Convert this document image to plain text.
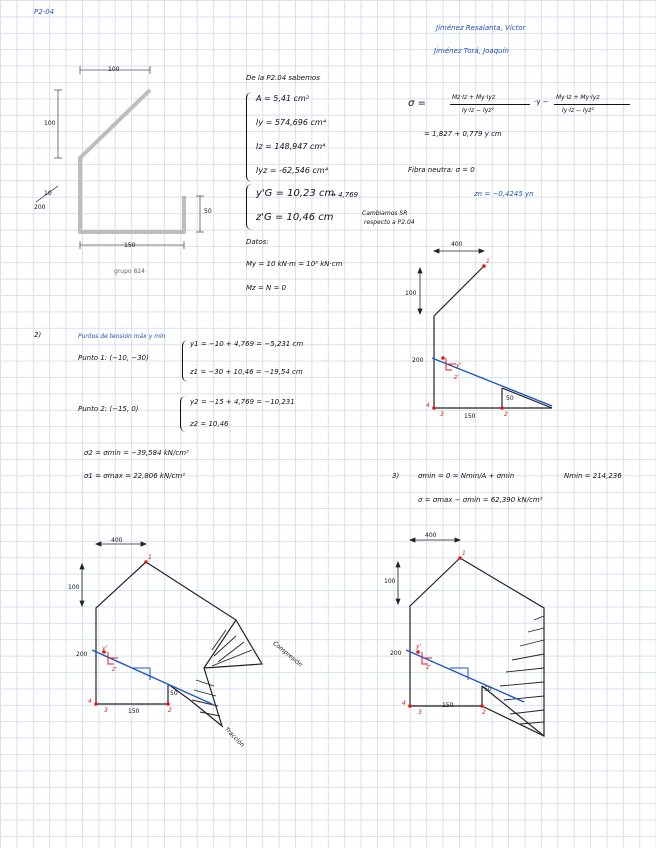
P2-04
Jiménez Resalanta, Víctor
Jiménez Torá, Joaquín
100
100
10
200
50
150
grupo 824
De la P2.04 sabemos
A = 5,41 cm²
Iy = 574,696 cm⁴
Iz = 148,947 cm⁴
Iyz = -62,546 cm⁴
y'G = 10,23 cm
→ 4,769
z'G = 10,46 cm	Cambiamos SR
respecto a P2.04
Datos:
My = 10 kN·m = 10³ kN·cm
Mz = N = 0
σ =
Mz·Iz + My·Iyz
Iy·Iz − Iyz²
·y −
My·Iz + My·Iyz
Iy·Iz − Iyz²
= 1,827 + 0,779 y cm
Fibra neutra: σ = 0
zn = −0,4245 yn
400
100
200
50
150
1
4
3	2
y'
z'
2)	Puntos de tensión máx y mín
Punto 1: (−10, −30)
y1 = −10 + 4,769 = −5,231 cm
z1 = −30 + 10,46 = −19,54 cm
Punto 2: (−15, 0)
y2 = −15 + 4,769 = −10,231
z2 = 10,46
σ2 = σmin = −39,584 kN/cm²
σ1 = σmax = 22,806 kN/cm²	3)	σmin = 0 = Nmin/A + σmin	Nmin = 214,236
σ = σmax − σmin = 62,390 kN/cm²
400
100
200
50
150
1
4
3	2
y'
z'
Compresión
Tracción
400
100
200
50
150
1
4
3	2
y'
z'
